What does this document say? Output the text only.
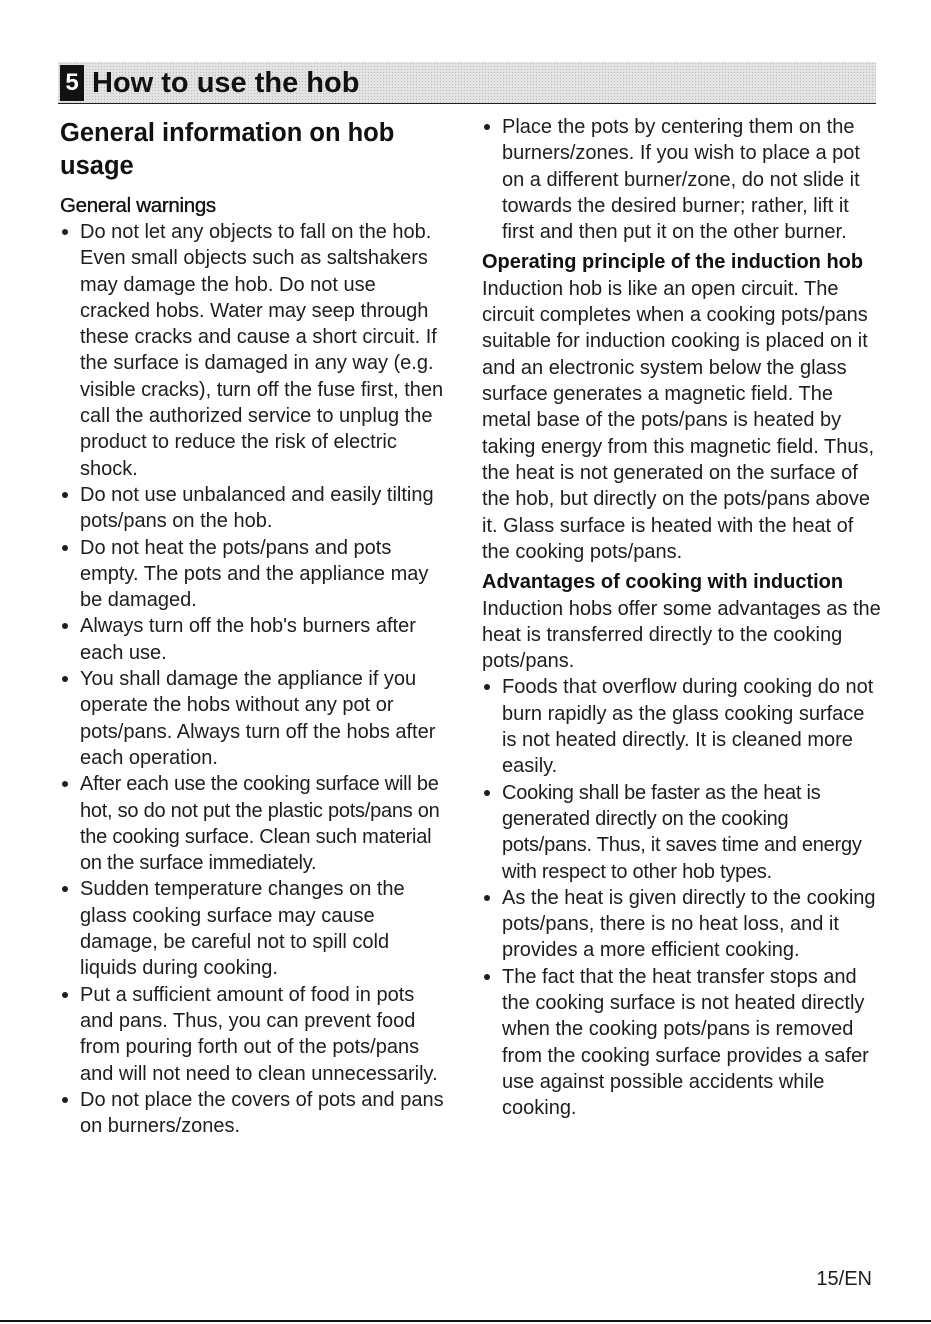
5 How to use the hob
General information on hob usage
General warnings
Do not let any objects to fall on the hob. Even small objects such as saltshakers may damage the hob. Do not use cracked hobs. Water may seep through these cracks and cause a short circuit. If the surface is damaged in any way (e.g. visible cracks), turn off the fuse first, then call the authorized service to unplug the product to reduce the risk of electric shock.
Do not use unbalanced and easily tilting pots/pans on the hob.
Do not heat the pots/pans and pots empty. The pots and the appliance may be damaged.
Always turn off the hob's burners after each use.
You shall damage the appliance if you operate the hobs without any pot or pots/pans. Always turn off the hobs after each operation.
After each use the cooking surface will be hot, so do not put the plastic pots/pans on the cooking surface. Clean such material on the surface immediately.
Sudden temperature changes on the glass cooking surface may cause damage, be careful not to spill cold liquids during cooking.
Put a sufficient amount of food in pots and pans. Thus, you can prevent food from pouring forth out of the pots/pans and will not need to clean unnecessarily.
Do not place the covers of pots and pans on burners/zones.
Place the pots by centering them on the burners/zones. If you wish to place a pot on a different burner/zone, do not slide it towards the desired burner; rather, lift it first and then put it on the other burner.
Operating principle of the induction hob

Induction hob is like an open circuit. The circuit completes when a cooking pots/pans suitable for induction cooking is placed on it and an electronic system below the glass surface generates a magnetic field. The metal base of the pots/pans is heated by taking energy from this magnetic field. Thus, the heat is not generated on the surface of the hob, but directly on the pots/pans above it. Glass surface is heated with the heat of the cooking pots/pans.

Advantages of cooking with induction

Induction hobs offer some advantages as the heat is transferred directly to the cooking pots/pans.

Foods that overflow during cooking do not burn rapidly as the glass cooking surface is not heated directly. It is cleaned more easily.
Cooking shall be faster as the heat is generated directly on the cooking pots/pans. Thus, it saves time and energy with respect to other hob types.
As the heat is given directly to the cooking pots/pans, there is no heat loss, and it provides a more efficient cooking.
The fact that the heat transfer stops and the cooking surface is not heated directly when the cooking pots/pans is removed from the cooking surface provides a safer use against possible accidents while cooking.
15/EN
